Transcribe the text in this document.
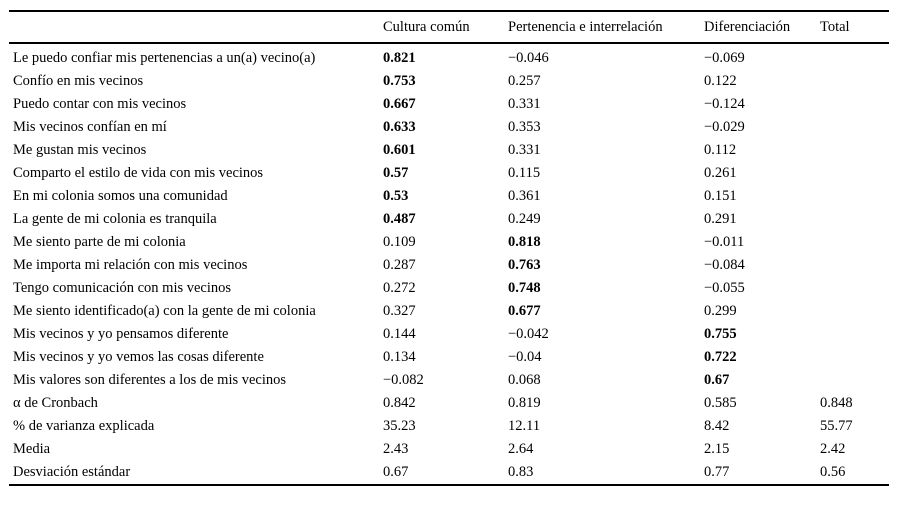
	Cultura común	Pertenencia e interrelación	Diferenciación	Total
Le puedo confiar mis pertenencias a un(a) vecino(a)	0.821	−0.046	−0.069	
Confío en mis vecinos	0.753	0.257	0.122	
Puedo contar con mis vecinos	0.667	0.331	−0.124	
Mis vecinos confían en mí	0.633	0.353	−0.029	
Me gustan mis vecinos	0.601	0.331	0.112	
Comparto el estilo de vida con mis vecinos	0.57	0.115	0.261	
En mi colonia somos una comunidad	0.53	0.361	0.151	
La gente de mi colonia es tranquila	0.487	0.249	0.291	
Me siento parte de mi colonia	0.109	0.818	−0.011	
Me importa mi relación con mis vecinos	0.287	0.763	−0.084	
Tengo comunicación con mis vecinos	0.272	0.748	−0.055	
Me siento identificado(a) con la gente de mi colonia	0.327	0.677	0.299	
Mis vecinos y yo pensamos diferente	0.144	−0.042	0.755	
Mis vecinos y yo vemos las cosas diferente	0.134	−0.04	0.722	
Mis valores son diferentes a los de mis vecinos	−0.082	0.068	0.67	
α de Cronbach	0.842	0.819	0.585	0.848
% de varianza explicada	35.23	12.11	8.42	55.77
Media	2.43	2.64	2.15	2.42
Desviación estándar	0.67	0.83	0.77	0.56
